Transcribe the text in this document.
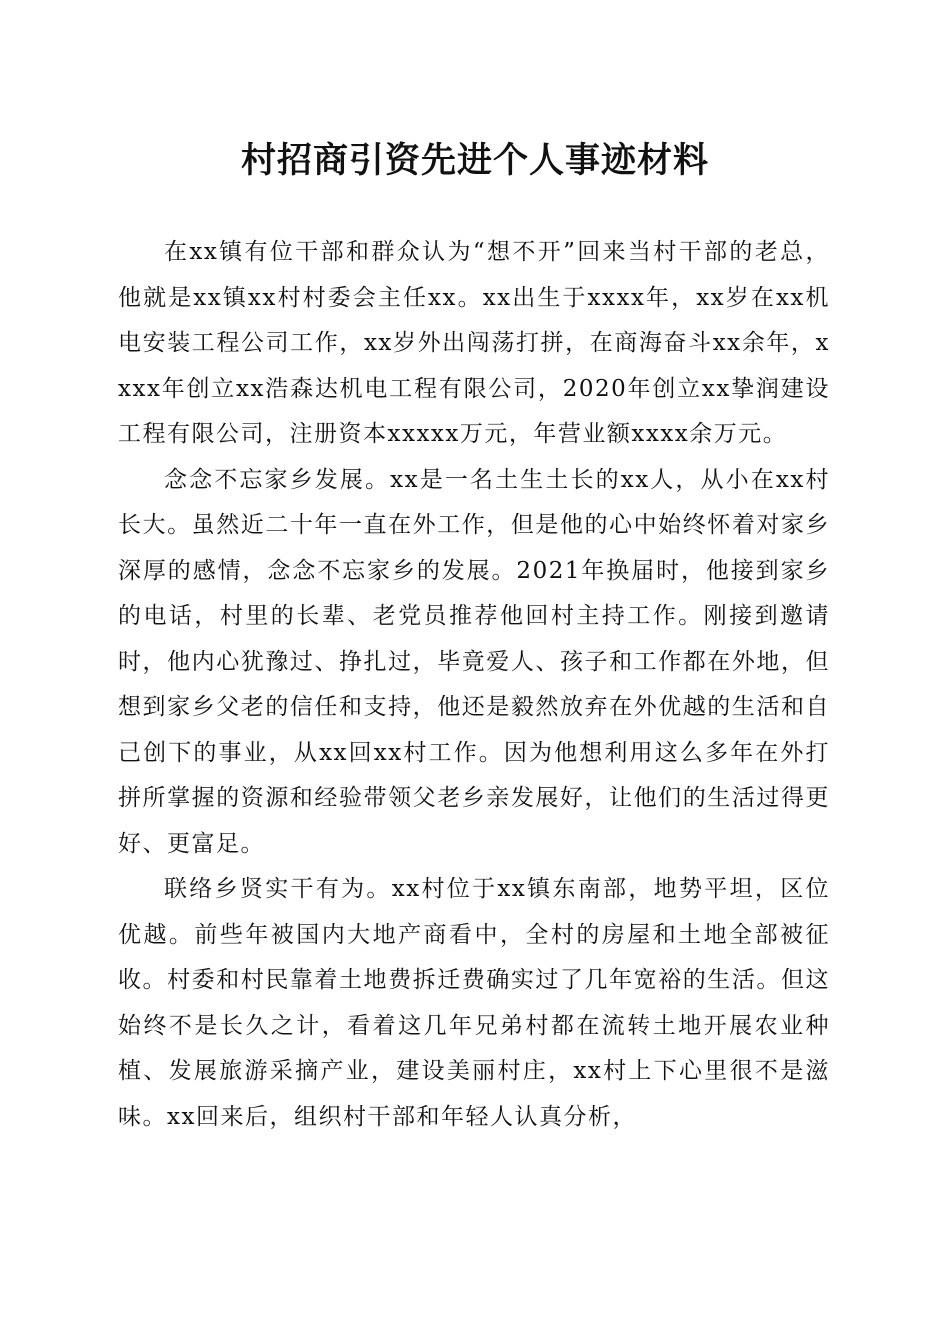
村招商引资先进个人事迹材料

在xx镇有位干部和群众认为“想不开”回来当村干部的老总，他就是xx镇xx村村委会主任xx。xx出生于xxxx年，xx岁在xx机电安装工程公司工作，xx岁外出闯荡打拼，在商海奋斗xx余年，xxxx年创立xx浩森达机电工程有限公司，2020年创立xx挚润建设工程有限公司，注册资本xxxxx万元，年营业额xxxx余万元。

念念不忘家乡发展。xx是一名土生土长的xx人，从小在xx村长大。虽然近二十年一直在外工作，但是他的心中始终怀着对家乡深厚的感情，念念不忘家乡的发展。2021年换届时，他接到家乡的电话，村里的长辈、老党员推荐他回村主持工作。刚接到邀请时，他内心犹豫过、挣扎过，毕竟爱人、孩子和工作都在外地，但想到家乡父老的信任和支持，他还是毅然放弃在外优越的生活和自己创下的事业，从xx回xx村工作。因为他想利用这么多年在外打拼所掌握的资源和经验带领父老乡亲发展好，让他们的生活过得更好、更富足。

联络乡贤实干有为。xx村位于xx镇东南部，地势平坦，区位优越。前些年被国内大地产商看中，全村的房屋和土地全部被征收。村委和村民靠着土地费拆迁费确实过了几年宽裕的生活。但这始终不是长久之计，看着这几年兄弟村都在流转土地开展农业种植、发展旅游采摘产业，建设美丽村庄，xx村上下心里很不是滋味。xx回来后，组织村干部和年轻人认真分析，
